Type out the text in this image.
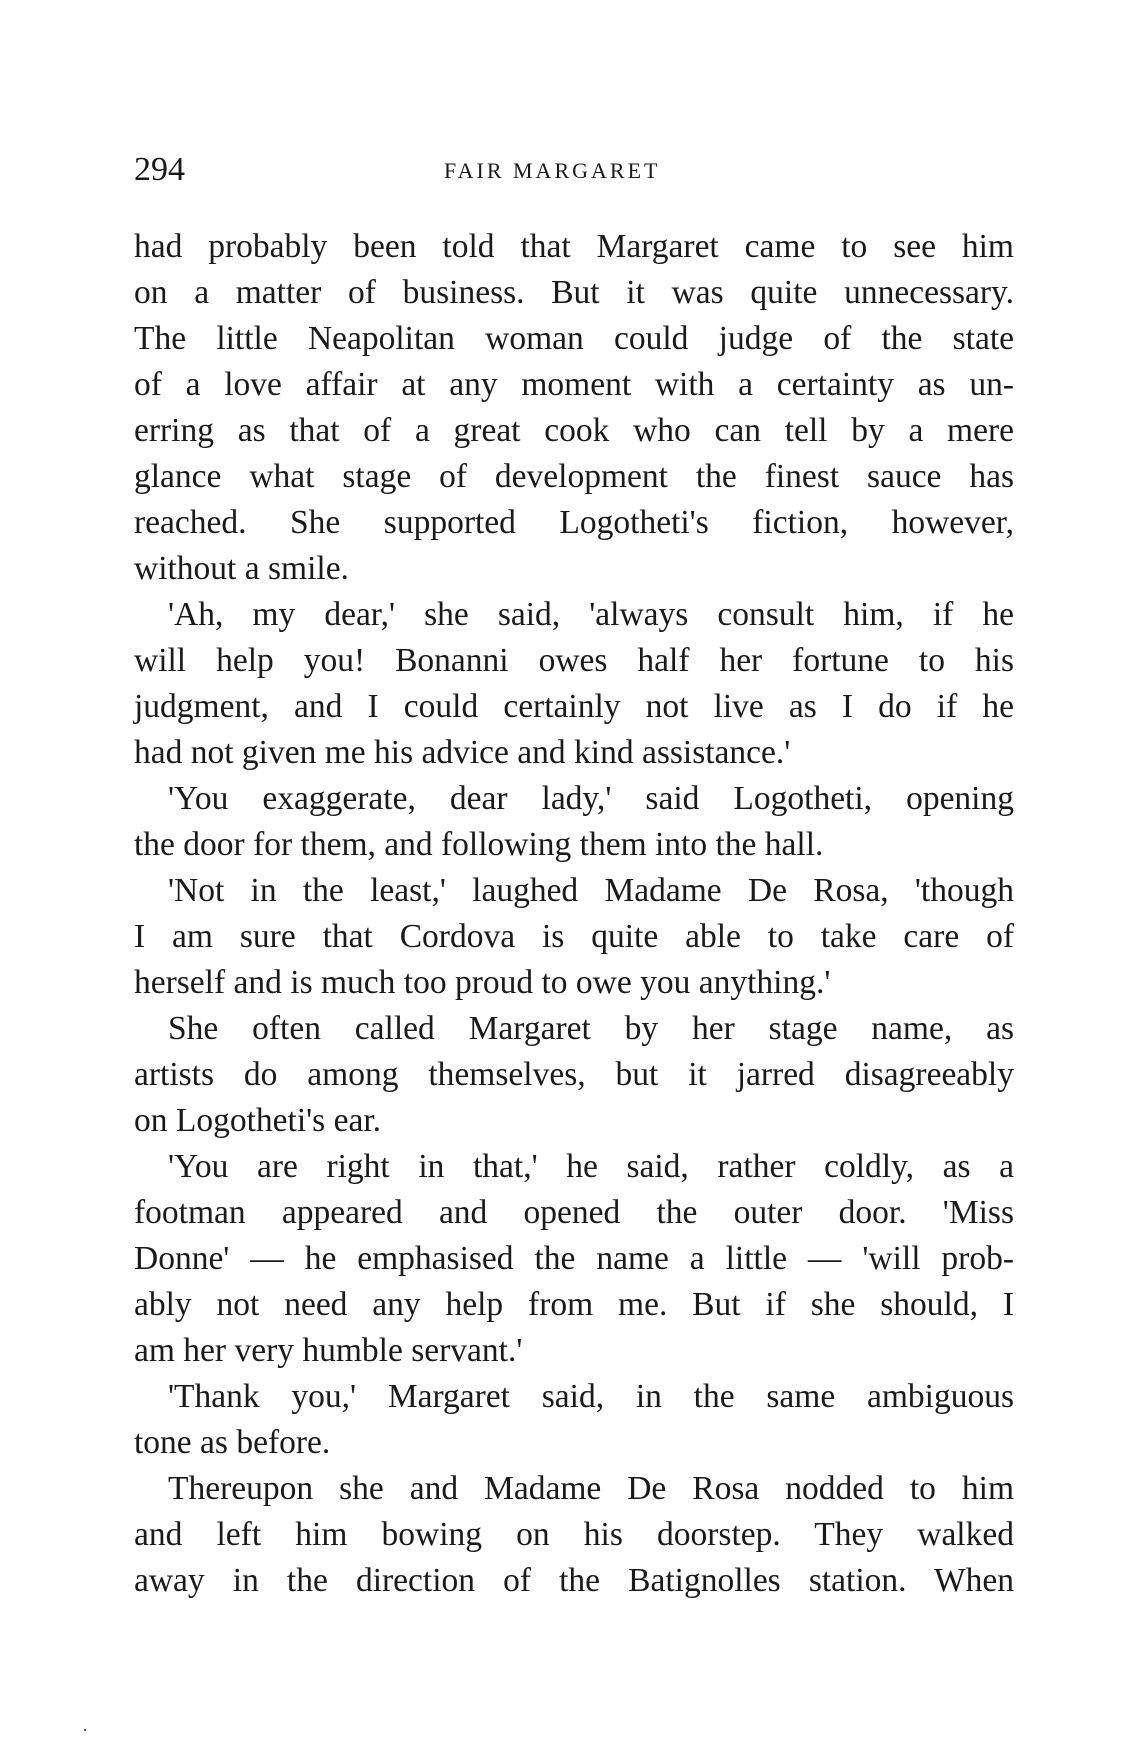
294	FAIR MARGARET
had probably been told that Margaret came to see him
on a matter of business. But it was quite unnecessary.
The little Neapolitan woman could judge of the state
of a love affair at any moment with a certainty as un-
erring as that of a great cook who can tell by a mere
glance what stage of development the finest sauce has
reached. She supported Logotheti's fiction, however,
without a smile.
'Ah, my dear,' she said, 'always consult him, if he
will help you! Bonanni owes half her fortune to his
judgment, and I could certainly not live as I do if he
had not given me his advice and kind assistance.'
'You exaggerate, dear lady,' said Logotheti, opening
the door for them, and following them into the hall.
'Not in the least,' laughed Madame De Rosa, 'though
I am sure that Cordova is quite able to take care of
herself and is much too proud to owe you anything.'
She often called Margaret by her stage name, as
artists do among themselves, but it jarred disagreeably
on Logotheti's ear.
'You are right in that,' he said, rather coldly, as a
footman appeared and opened the outer door. 'Miss
Donne' — he emphasised the name a little — 'will prob-
ably not need any help from me. But if she should, I
am her very humble servant.'
'Thank you,' Margaret said, in the same ambiguous
tone as before.
Thereupon she and Madame De Rosa nodded to him
and left him bowing on his doorstep. They walked
away in the direction of the Batignolles station. When
